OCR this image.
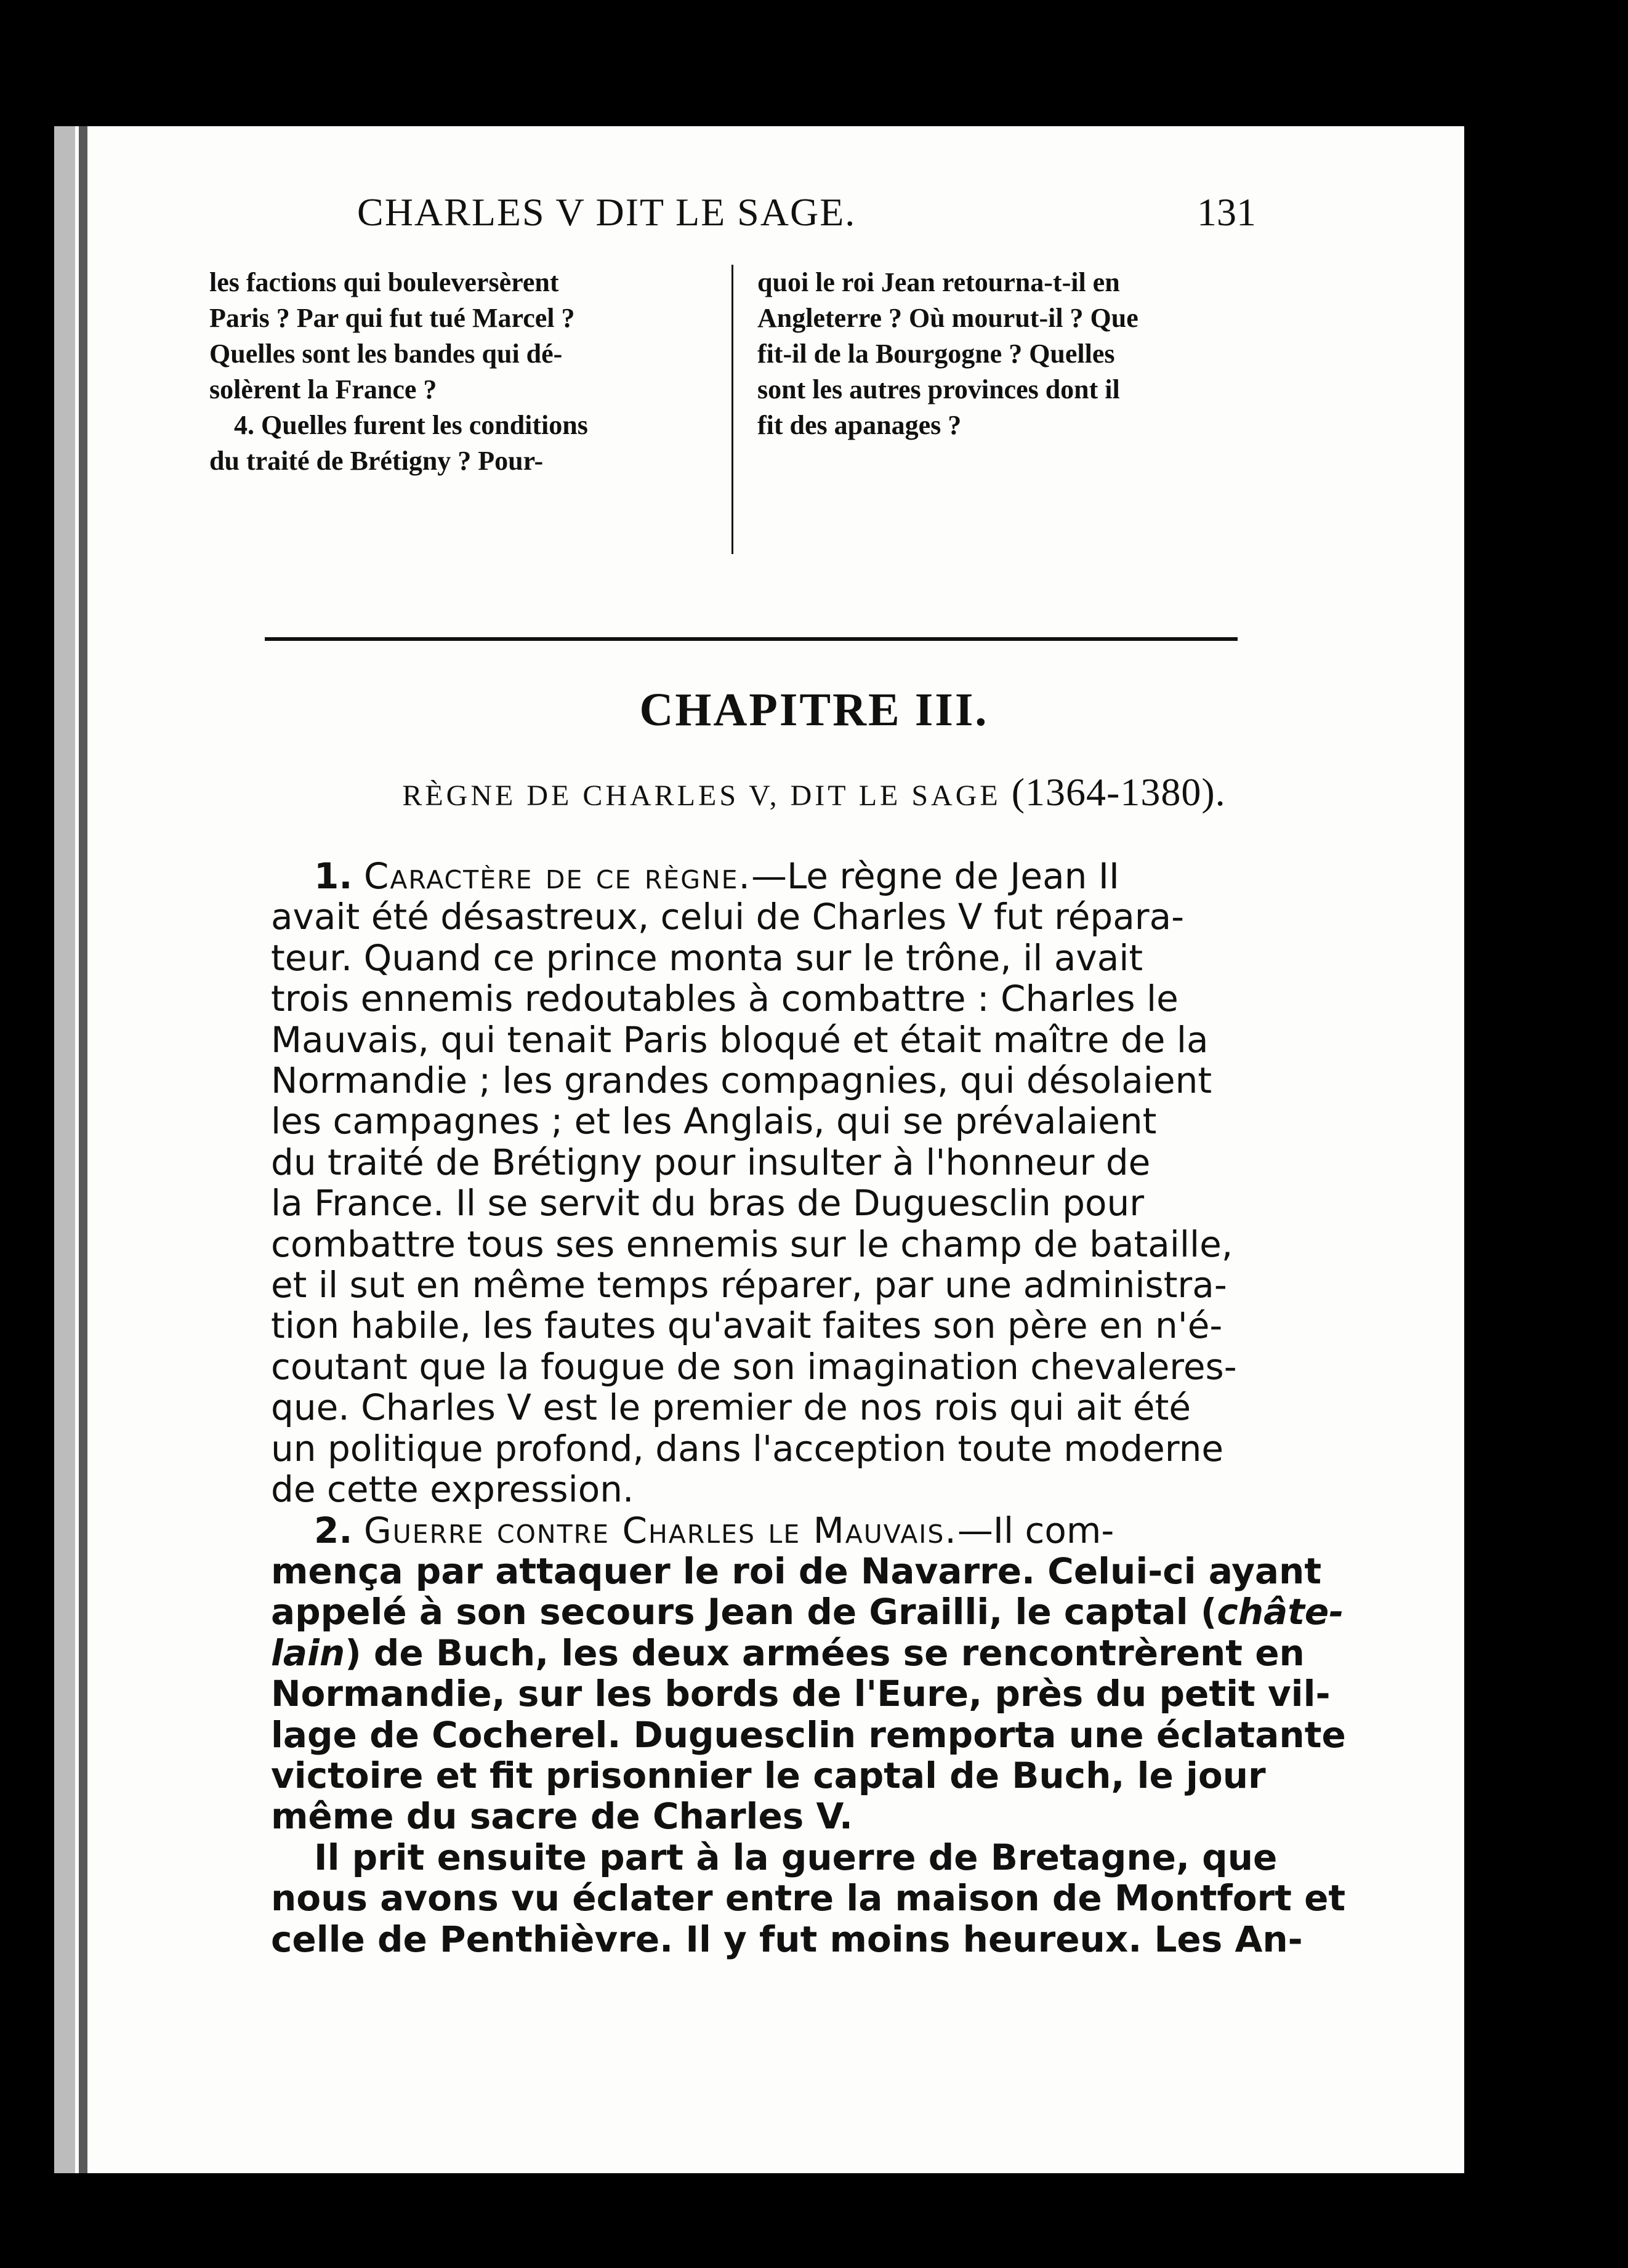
CHARLES V DIT LE SAGE.	131
les factions qui bouleversèrent
Paris ? Par qui fut tué Marcel ?
Quelles sont les bandes qui dé-
solèrent la France ?
4. Quelles furent les conditions
du traité de Brétigny ? Pour-
quoi le roi Jean retourna-t-il en
Angleterre ? Où mourut-il ? Que
fit-il de la Bourgogne ? Quelles
sont les autres provinces dont il
fit des apanages ?
CHAPITRE III.
RÈGNE DE CHARLES V, DIT LE SAGE (1364-1380).
1. Caractère de ce règne.—Le règne de Jean II
avait été désastreux, celui de Charles V fut répara-
teur. Quand ce prince monta sur le trône, il avait
trois ennemis redoutables à combattre : Charles le
Mauvais, qui tenait Paris bloqué et était maître de la
Normandie ; les grandes compagnies, qui désolaient
les campagnes ; et les Anglais, qui se prévalaient
du traité de Brétigny pour insulter à l'honneur de
la France. Il se servit du bras de Duguesclin pour
combattre tous ses ennemis sur le champ de bataille,
et il sut en même temps réparer, par une administra-
tion habile, les fautes qu'avait faites son père en n'é-
coutant que la fougue de son imagination chevaleres-
que. Charles V est le premier de nos rois qui ait été
un politique profond, dans l'acception toute moderne
de cette expression.
2. Guerre contre Charles le Mauvais.—Il com-
mença par attaquer le roi de Navarre. Celui-ci ayant
appelé à son secours Jean de Grailli, le captal (châte-
lain) de Buch, les deux armées se rencontrèrent en
Normandie, sur les bords de l'Eure, près du petit vil-
lage de Cocherel. Duguesclin remporta une éclatante
victoire et fit prisonnier le captal de Buch, le jour
même du sacre de Charles V.
Il prit ensuite part à la guerre de Bretagne, que
nous avons vu éclater entre la maison de Montfort et
celle de Penthièvre. Il y fut moins heureux. Les An-
